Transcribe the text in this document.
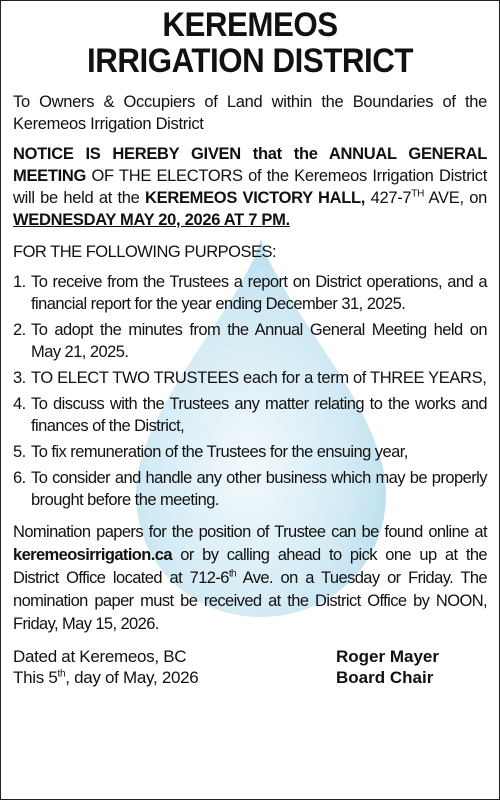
KEREMEOS
IRRIGATION DISTRICT

To Owners & Occupiers of Land within the Boundaries of the Keremeos Irrigation District

NOTICE IS HEREBY GIVEN that the ANNUAL GENERAL MEETING OF THE ELECTORS of the Keremeos Irrigation District will be held at the KEREMEOS VICTORY HALL, 427-7TH AVE, on WEDNESDAY MAY 20, 2026 AT 7 PM.

FOR THE FOLLOWING PURPOSES:
1. To receive from the Trustees a report on District operations, and a financial report for the year ending December 31, 2025.
2. To adopt the minutes from the Annual General Meeting held on May 21, 2025.
3. TO ELECT TWO TRUSTEES each for a term of THREE YEARS,
4. To discuss with the Trustees any matter relating to the works and finances of the District,
5. To fix remuneration of the Trustees for the ensuing year,
6. To consider and handle any other business which may be properly brought before the meeting.

Nomination papers for the position of Trustee can be found online at keremeosirrigation.ca or by calling ahead to pick one up at the District Office located at 712-6th Ave. on a Tuesday or Friday. The nomination paper must be received at the District Office by NOON, Friday, May 15, 2026.

Dated at Keremeos, BC
This 5th, day of May, 2026
Roger Mayer
Board Chair
